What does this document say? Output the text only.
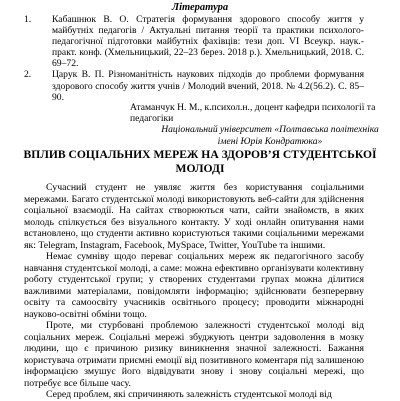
Література
1. Кабашнюк В. О. Стратегія формування здорового способу життя у майбутніх педагогів / Актуальні питання теорії та практики психолого-педагогічної підготовки майбутніх фахівців: тези доп. VI Всеукр. наук.-практ. конф. (Хмельницький, 22–23 берез. 2018 р.). Хмельницький, 2018. С. 69–72.
2. Царук В. П. Різноманітність наукових підходів до проблеми формування здорового способу життя учнів / Молодий вчений, 2018. № 4.2(56.2). С. 85–90.
Атаманчук Н. М., к.психол.н., доцент кафедри психології та педагогіки
Національний університет «Полтавська політехніка імені Юрія Кондратюка»
ВПЛИВ СОЦІАЛЬНИХ МЕРЕЖ НА ЗДОРОВ’Я СТУДЕНТСЬКОЇ МОЛОДІ

Сучасний студент не уявляє життя без користування соціальними мережами. Багато студентської молоді використовують веб-сайти для здійснення соціальної взаємодії. На сайтах створюються чати, сайти знайомств, в яких молодь спілкується без візуального контакту. У ході онлайн опитування нами встановлено, що студенти активно користуються такими соціальними мережами як: Telegram, Instagram, Facebook, MySpace, Twitter, YouTube та іншими.

Немає сумніву щодо переваг соціальних мереж як педагогічного засобу навчання студентської молоді, а саме: можна ефективно організувати колективну роботу студентської групи; у створених студентами групах можна ділитися важливими матеріалами, повідомляти інформацію; здійснювати безперервну освіту та самоосвіту учасників освітнього процесу; проводити міжнародні науково-освітні обміни тощо.

Проте, ми стурбовані проблемою залежності студентської молоді від соціальних мереж. Соціальні мережі збуджують центри задоволення в мозку людини, що є причиною ризику виникнення значної залежності. Бажання користувача отримати приємні емоції від позитивного коментаря під залишеною інформацією змушує його відвідувати знову і знову соціальні мережі, що потребує все більше часу.

Серед проблем, які спричиняють залежність студентської молоді від
